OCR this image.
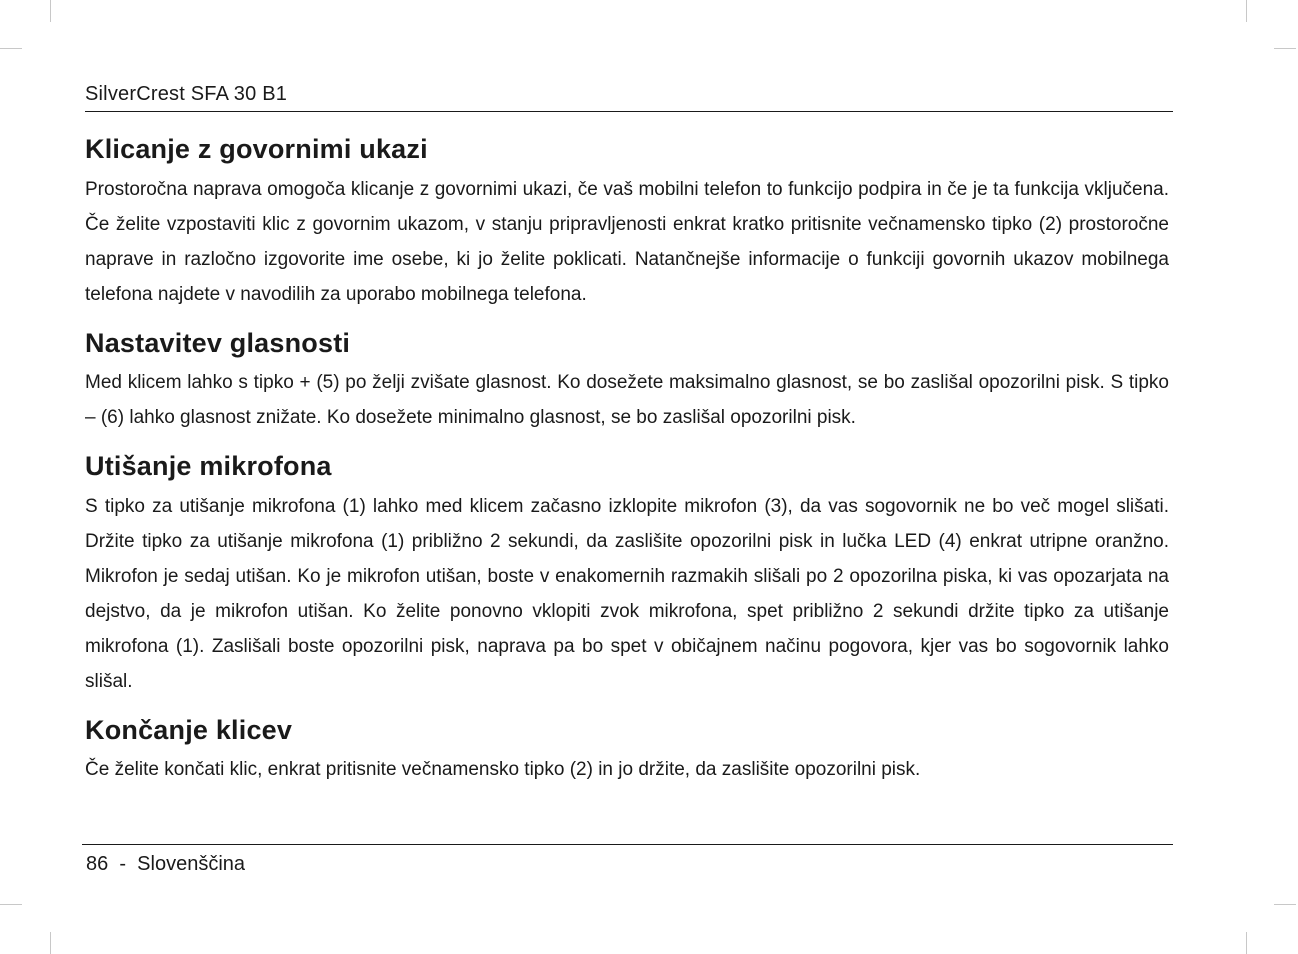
SilverCrest SFA 30 B1
Klicanje z govornimi ukazi

Prostoročna naprava omogoča klicanje z govornimi ukazi, če vaš mobilni telefon to funkcijo podpira in če je ta funkcija vključena. Če želite vzpostaviti klic z govornim ukazom, v stanju pripravljenosti enkrat kratko pritisnite večnamensko tipko (2) prostoročne naprave in razločno izgovorite ime osebe, ki jo želite poklicati. Natančnejše informacije o funkciji govornih ukazov mobilnega telefona najdete v navodilih za uporabo mobilnega telefona.

Nastavitev glasnosti

Med klicem lahko s tipko + (5) po želji zvišate glasnost. Ko dosežete maksimalno glasnost, se bo zaslišal opozorilni pisk. S tipko – (6) lahko glasnost znižate. Ko dosežete minimalno glasnost, se bo zaslišal opozorilni pisk.

Utišanje mikrofona

S tipko za utišanje mikrofona (1) lahko med klicem začasno izklopite mikrofon (3), da vas sogovornik ne bo več mogel slišati. Držite tipko za utišanje mikrofona (1) približno 2 sekundi, da zaslišite opozorilni pisk in lučka LED (4) enkrat utripne oranžno. Mikrofon je sedaj utišan. Ko je mikrofon utišan, boste v enakomernih razmakih slišali po 2 opozorilna piska, ki vas opozarjata na dejstvo, da je mikrofon utišan. Ko želite ponovno vklopiti zvok mikrofona, spet približno 2 sekundi držite tipko za utišanje mikrofona (1). Zaslišali boste opozorilni pisk, naprava pa bo spet v običajnem načinu pogovora, kjer vas bo sogovornik lahko slišal.

Končanje klicev

Če želite končati klic, enkrat pritisnite večnamensko tipko (2) in jo držite, da zaslišite opozorilni pisk.

86 - Slovenščina
